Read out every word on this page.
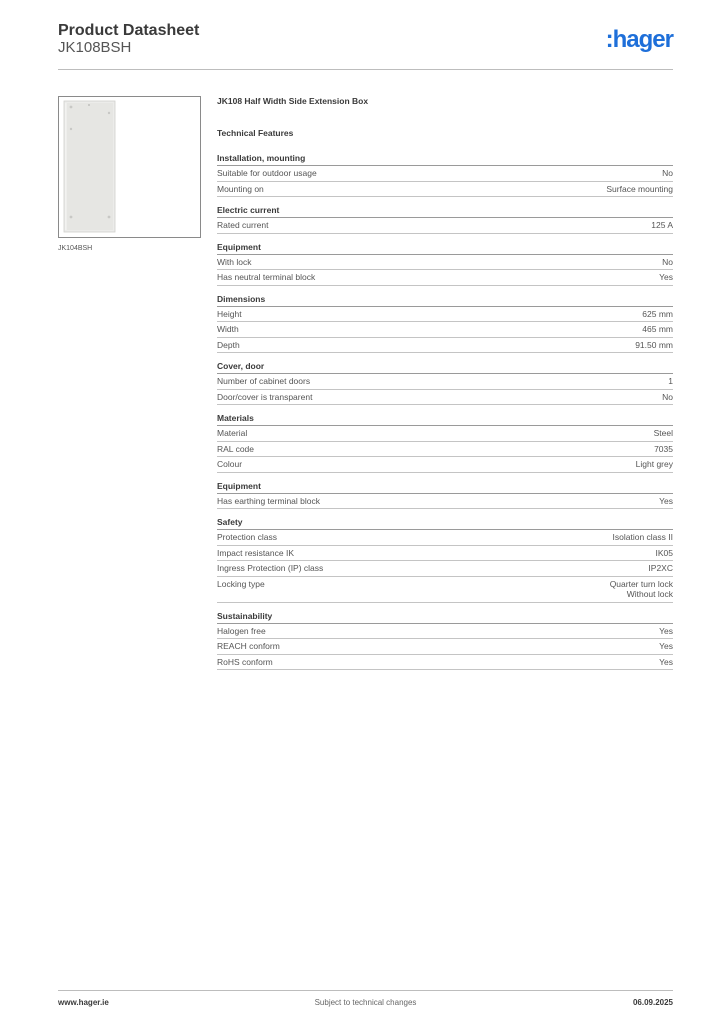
Product Datasheet
JK108BSH	:hager
JK104BSH
JK108 Half Width Side Extension Box
Technical Features
Installation, mounting
Suitable for outdoor usage	No
Mounting on	Surface mounting
Electric current
Rated current	125 A
Equipment
With lock	No
Has neutral terminal block	Yes
Dimensions
Height	625 mm
Width	465 mm
Depth	91.50 mm
Cover, door
Number of cabinet doors	1
Door/cover is transparent	No
Materials
Material	Steel
RAL code	7035
Colour	Light grey
Equipment
Has earthing terminal block	Yes
Safety
Protection class	Isolation class II
Impact resistance IK	IK05
Ingress Protection (IP) class	IP2XC
Locking type	Quarter turn lock
Without lock
Sustainability
Halogen free	Yes
REACH conform	Yes
RoHS conform	Yes
www.hager.ie	Subject to technical changes	06.09.2025
